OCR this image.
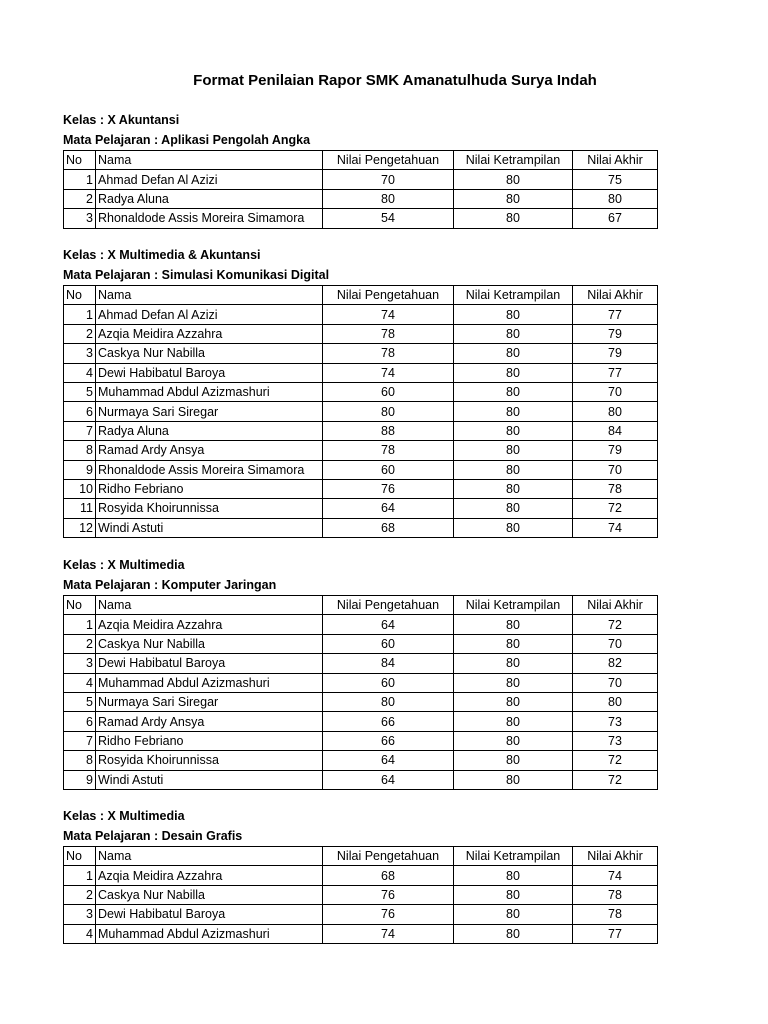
Format Penilaian Rapor SMK Amanatulhuda Surya Indah
Kelas : X Akuntansi
Mata Pelajaran : Aplikasi Pengolah Angka
No	Nama	Nilai Pengetahuan	Nilai Ketrampilan	Nilai Akhir
1	Ahmad Defan Al Azizi	70	80	75
2	Radya Aluna	80	80	80
3	Rhonaldode Assis Moreira Simamora	54	80	67
Kelas : X Multimedia & Akuntansi
Mata Pelajaran : Simulasi Komunikasi Digital
No	Nama	Nilai Pengetahuan	Nilai Ketrampilan	Nilai Akhir
1	Ahmad Defan Al Azizi	74	80	77
2	Azqia Meidira Azzahra	78	80	79
3	Caskya Nur Nabilla	78	80	79
4	Dewi Habibatul Baroya	74	80	77
5	Muhammad Abdul Azizmashuri	60	80	70
6	Nurmaya Sari Siregar	80	80	80
7	Radya Aluna	88	80	84
8	Ramad Ardy Ansya	78	80	79
9	Rhonaldode Assis Moreira Simamora	60	80	70
10	Ridho Febriano	76	80	78
11	Rosyida Khoirunnissa	64	80	72
12	Windi Astuti	68	80	74
Kelas : X Multimedia
Mata Pelajaran : Komputer Jaringan
No	Nama	Nilai Pengetahuan	Nilai Ketrampilan	Nilai Akhir
1	Azqia Meidira Azzahra	64	80	72
2	Caskya Nur Nabilla	60	80	70
3	Dewi Habibatul Baroya	84	80	82
4	Muhammad Abdul Azizmashuri	60	80	70
5	Nurmaya Sari Siregar	80	80	80
6	Ramad Ardy Ansya	66	80	73
7	Ridho Febriano	66	80	73
8	Rosyida Khoirunnissa	64	80	72
9	Windi Astuti	64	80	72
Kelas : X Multimedia
Mata Pelajaran : Desain Grafis
No	Nama	Nilai Pengetahuan	Nilai Ketrampilan	Nilai Akhir
1	Azqia Meidira Azzahra	68	80	74
2	Caskya Nur Nabilla	76	80	78
3	Dewi Habibatul Baroya	76	80	78
4	Muhammad Abdul Azizmashuri	74	80	77
